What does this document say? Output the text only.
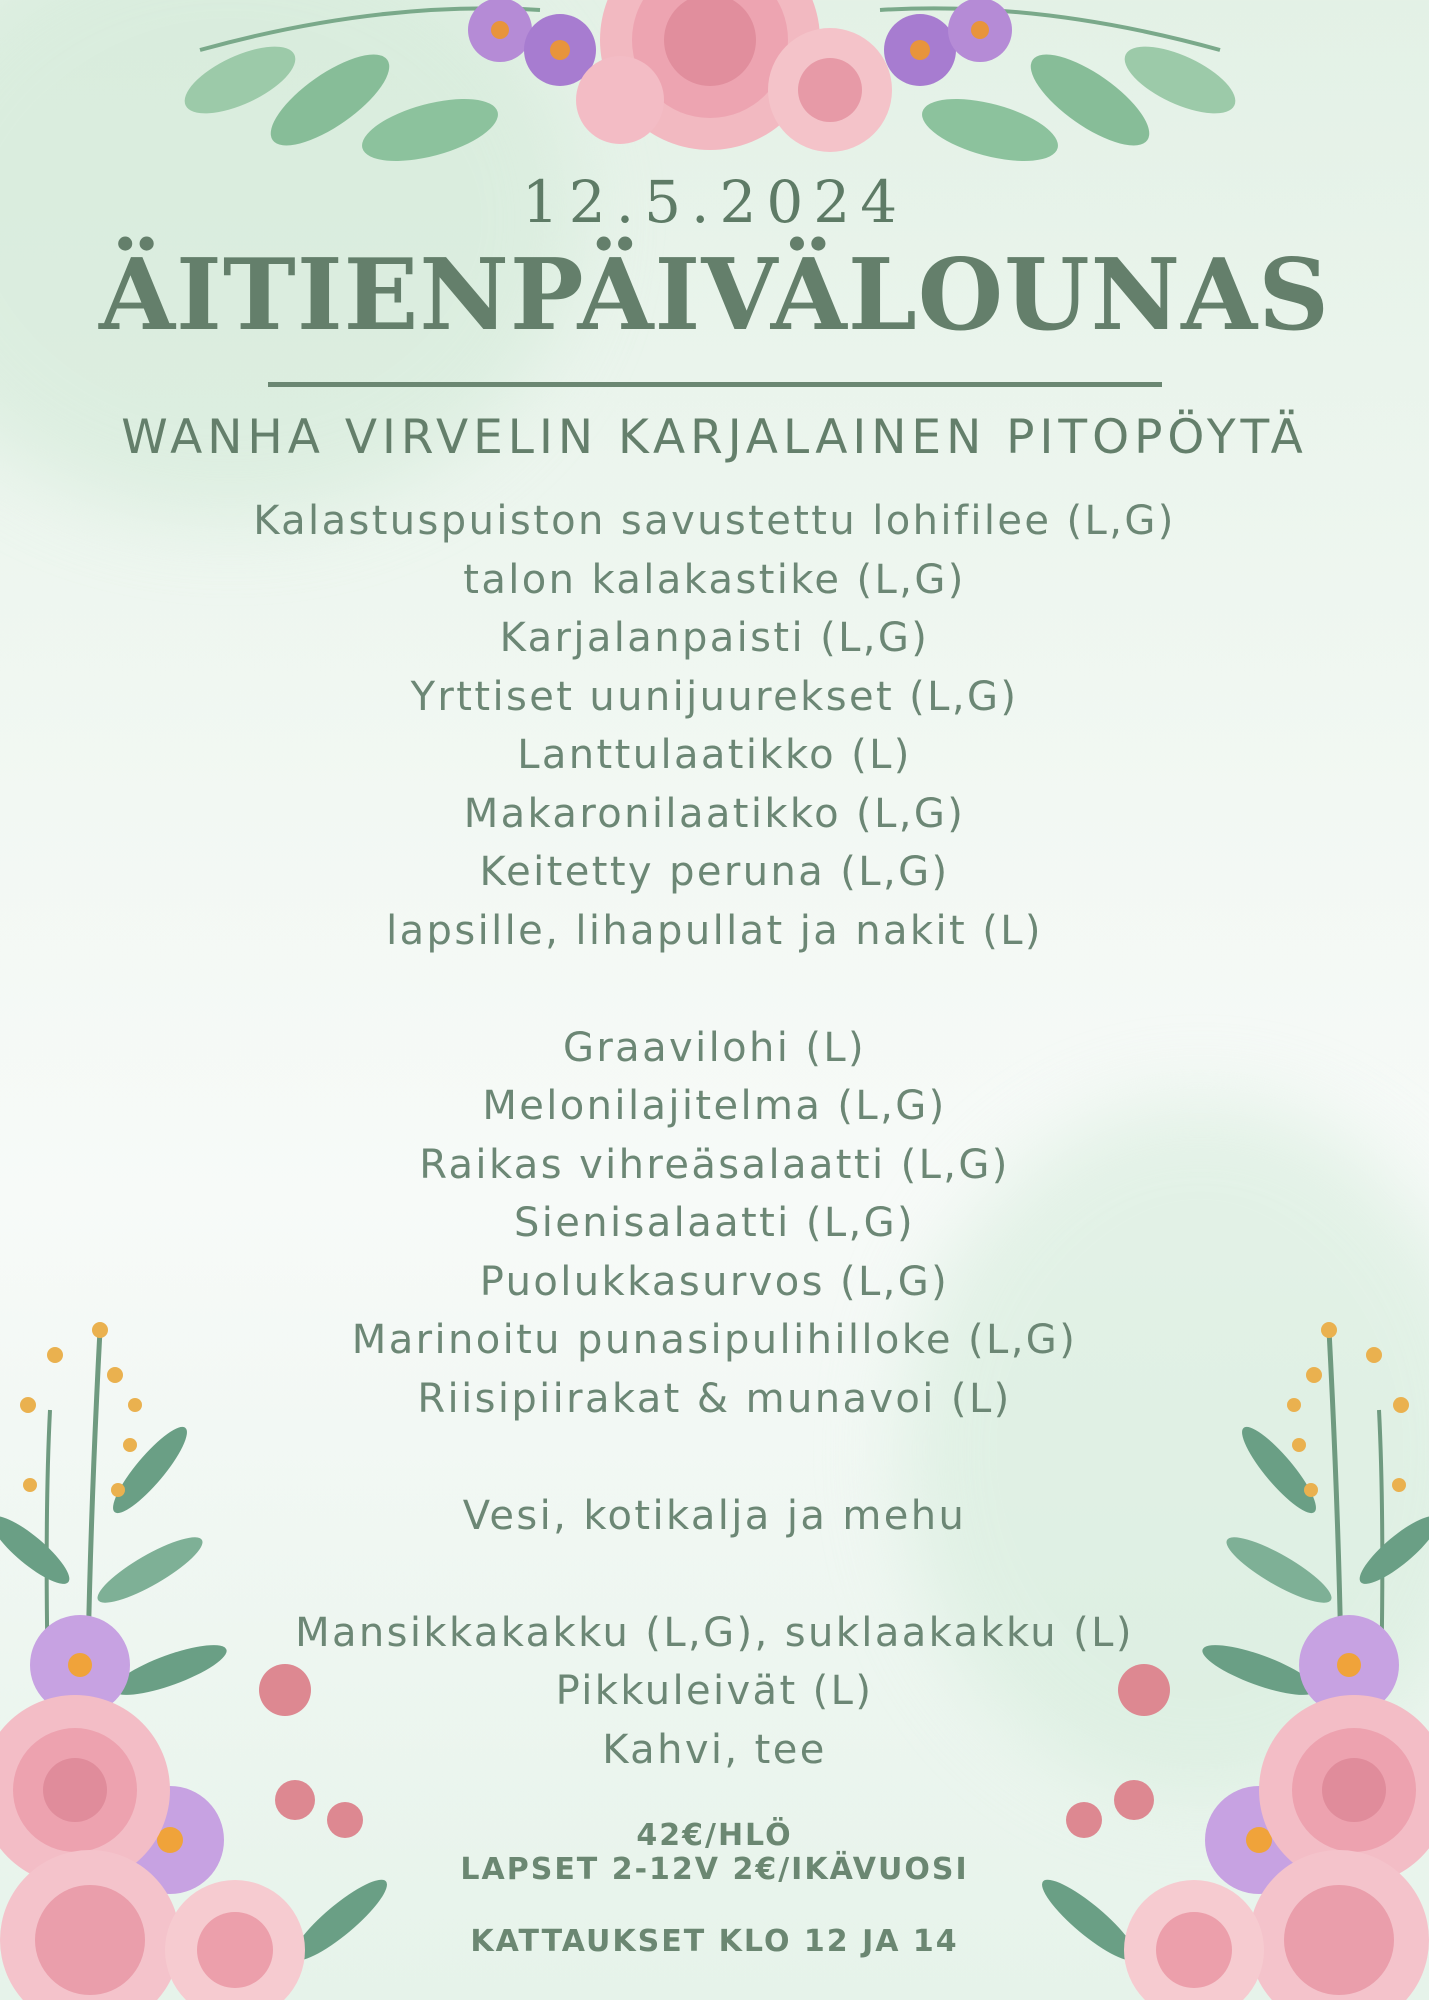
12.5.2024
ÄITIENPÄIVÄLOUNAS
WANHA VIRVELIN KARJALAINEN PITOPÖYTÄ
Kalastuspuiston savustettu lohifilee (L,G)
talon kalakastike (L,G)
Karjalanpaisti (L,G)
Yrttiset uunijuurekset (L,G)
Lanttulaatikko (L)
Makaronilaatikko (L,G)
Keitetty peruna (L,G)
lapsille, lihapullat ja nakit (L)
Graavilohi (L)
Melonilajitelma (L,G)
Raikas vihreäsalaatti (L,G)
Sienisalaatti (L,G)
Puolukkasurvos (L,G)
Marinoitu punasipulihilloke (L,G)
Riisipiirakat & munavoi (L)
Vesi, kotikalja ja mehu
Mansikkakakku (L,G), suklaakakku (L)
Pikkuleivät (L)
Kahvi, tee
42€/HLÖ
LAPSET 2-12V 2€/IKÄVUOSI
KATTAUKSET KLO 12 JA 14
